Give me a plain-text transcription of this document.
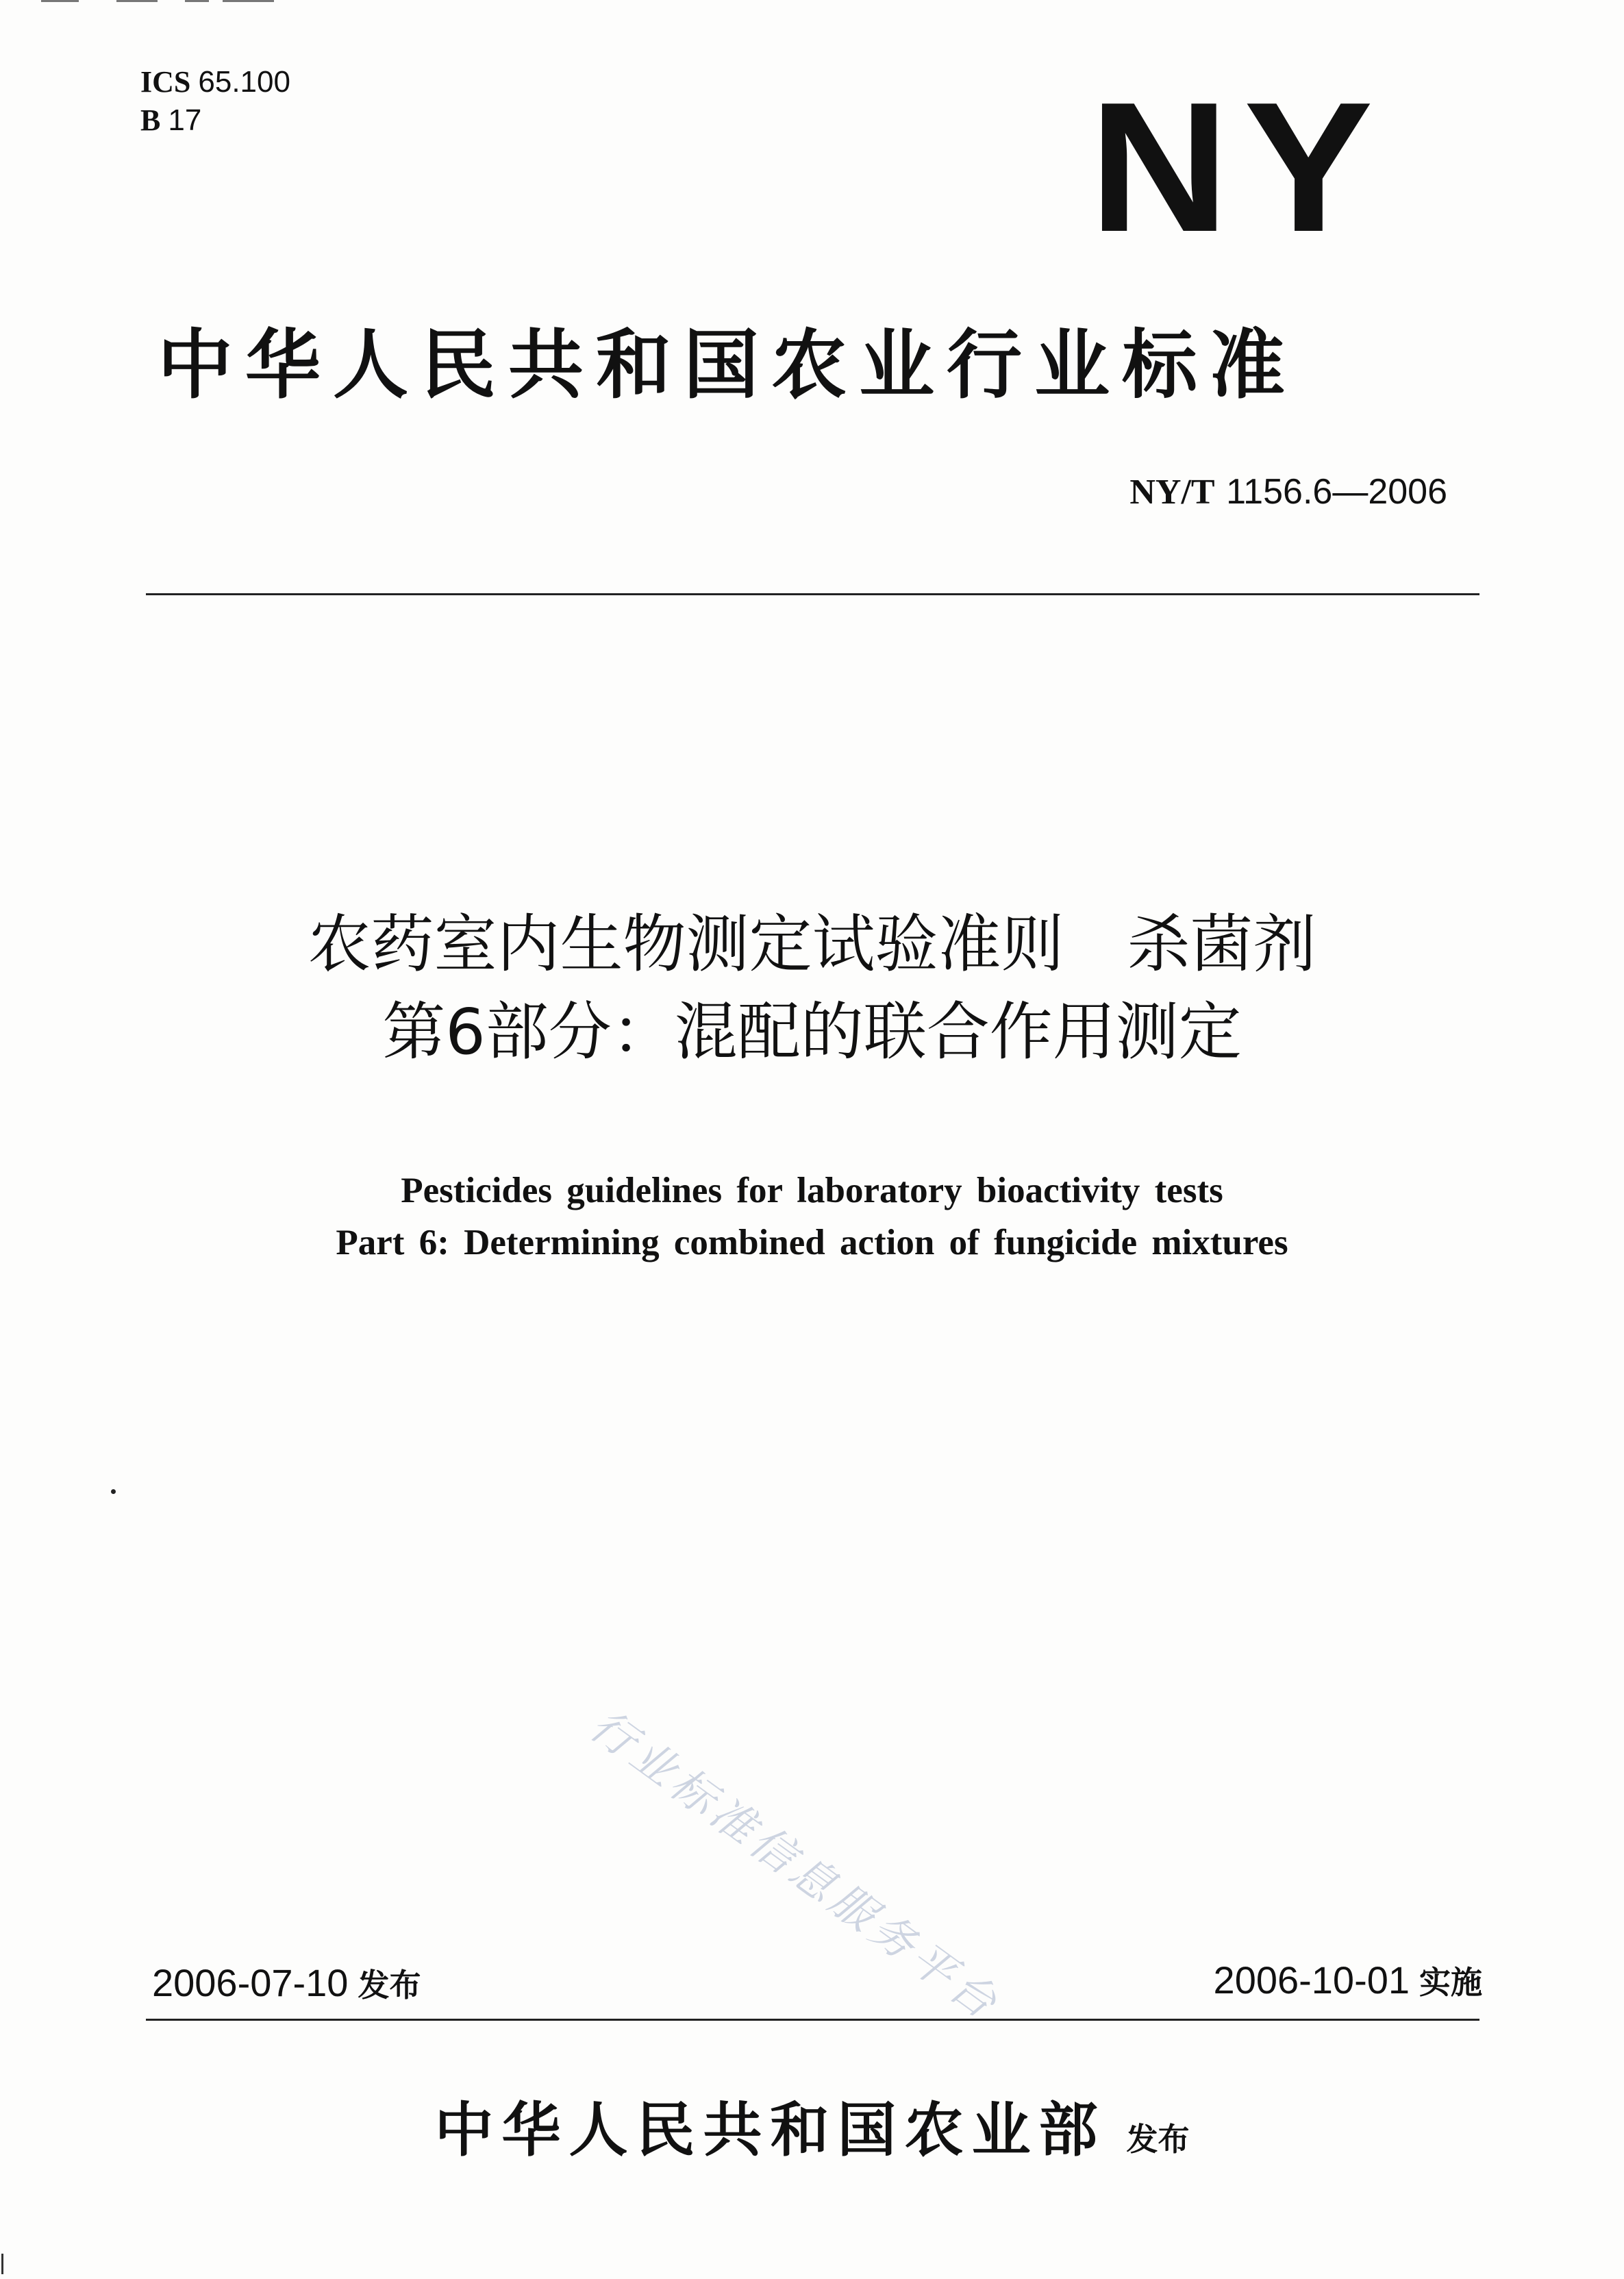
ICS 65.100
B 17	NY
中华人民共和国农业行业标准
NY/T 1156.6—2006
农药室内生物测定试验准则　杀菌剂
第6部分：混配的联合作用测定
Pesticides guidelines for laboratory bioactivity tests
Part 6: Determining combined action of fungicide mixtures
行业标准信息服务平台
2006-07-10 发布	2006-10-01 实施
中华人民共和国农业部 发布
